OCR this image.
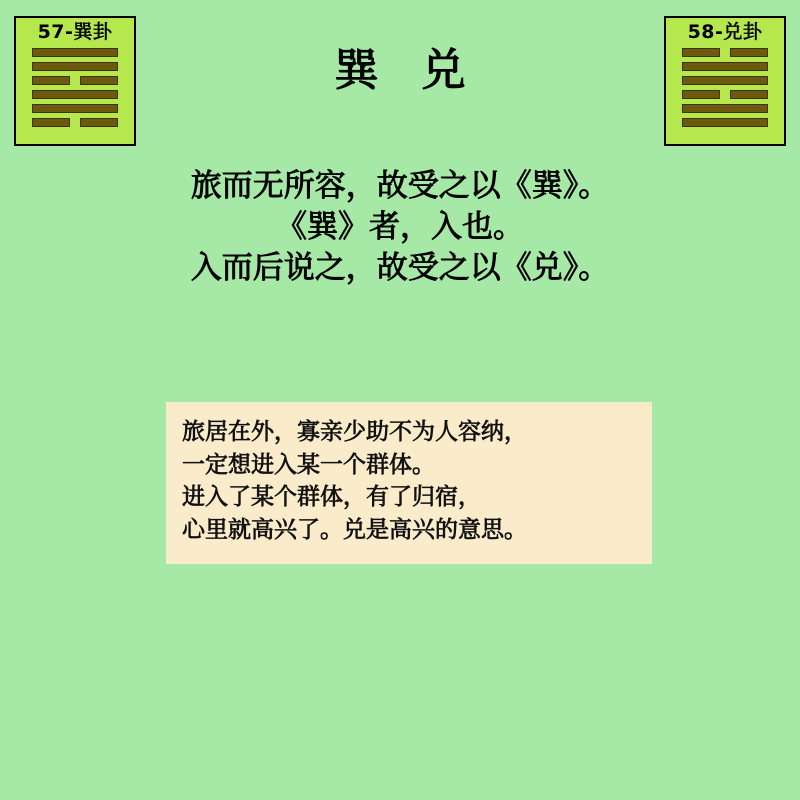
57-巽卦	58-兑卦
巽 兑
旅而无所容，故受之以《巽》。
《巽》者，入也。
入而后说之，故受之以《兑》。
旅居在外，寡亲少助不为人容纳，
一定想进入某一个群体。
进入了某个群体，有了归宿，
心里就高兴了。兑是高兴的意思。
